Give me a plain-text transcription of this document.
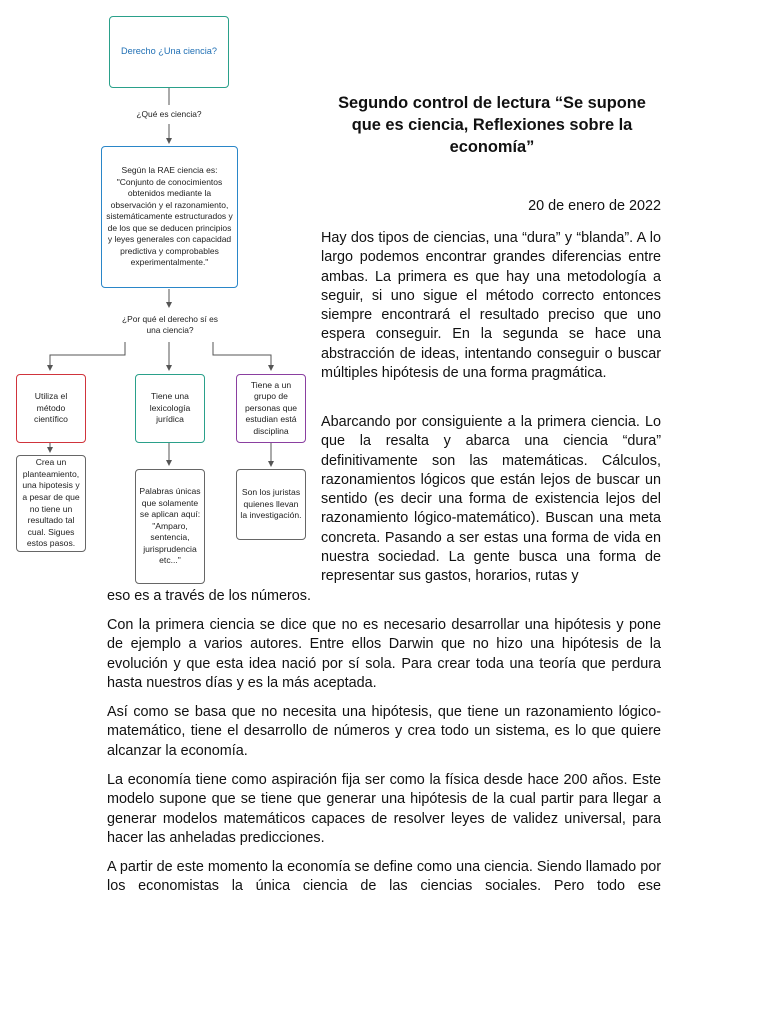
Derecho ¿Una ciencia?
¿Qué es ciencia?
Según la RAE ciencia es: "Conjunto de conocimientos obtenidos mediante la observación y el razonamiento, sistemáticamente estructurados y de los que se deducen principios y leyes generales con capacidad predictiva y comprobables experimentalmente."
¿Por qué el derecho sí es una ciencia?
Utiliza el método científico
Tiene una lexicología jurídica
Tiene a un grupo de personas que estudian está disciplina
Crea un planteamiento, una hipotesis y a pesar de que no tiene un resultado tal cual. Sigues estos pasos.
Palabras únicas que solamente se aplican aquí: "Amparo, sentencia, jurisprudencia etc..."
Son los juristas quienes llevan la investigación.
Segundo control de lectura “Se supone que es ciencia, Reflexiones sobre la economía”
20 de enero de 2022

Hay dos tipos de ciencias, una “dura” y “blanda”. A lo largo podemos encontrar grandes diferencias entre ambas. La primera es que hay una metodología a seguir, si uno sigue el método correcto entonces siempre encontrará el resultado preciso que uno espera conseguir. En la segunda se hace una abstracción de ideas, intentando conseguir o buscar múltiples hipótesis de una forma pragmática.

Abarcando por consiguiente a la primera ciencia. Lo que la resalta y abarca una ciencia “dura” definitivamente son las matemáticas. Cálculos, razonamientos lógicos que están lejos de buscar un sentido (es decir una forma de existencia lejos del razonamiento lógico-matemático). Buscan una meta concreta. Pasando a ser estas una forma de vida en nuestra sociedad. La gente busca una forma de representar sus gastos, horarios, rutas y

eso es a través de los números.

Con la primera ciencia se dice que no es necesario desarrollar una hipótesis y pone de ejemplo a varios autores. Entre ellos Darwin que no hizo una hipótesis de la evolución y que esta idea nació por sí sola. Para crear toda una teoría que perdura hasta nuestros días y es la más aceptada.

Así como se basa que no necesita una hipótesis, que tiene un razonamiento lógico-matemático, tiene el desarrollo de números y crea todo un sistema, es lo que quiere alcanzar la economía.

La economía tiene como aspiración fija ser como la física desde hace 200 años. Este modelo supone que se tiene que generar una hipótesis de la cual partir para llegar a generar modelos matemáticos capaces de resolver leyes de validez universal, para hacer las anheladas predicciones.

A partir de este momento la economía se define como una ciencia. Siendo llamado por los economistas la única ciencia de las ciencias sociales. Pero todo ese
